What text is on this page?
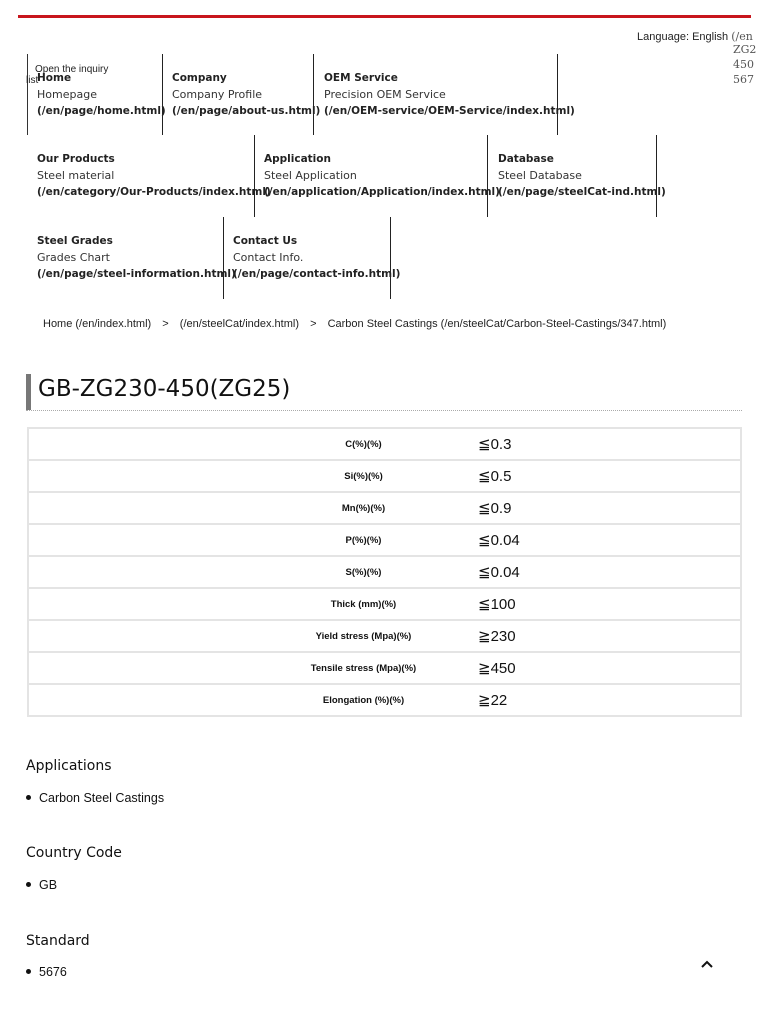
Language: English (/en
ZG2
450
567
Home
Homepage
(/en/page/home.html)
Open the inquiry
list	Company
Company Profile
(/en/page/about-us.html)
OEM Service
Precision OEM Service
(/en/OEM-service/OEM-Service/index.html)
Our Products
Steel material
(/en/category/Our-Products/index.html)
Application
Steel Application
(/en/application/Application/index.html)
Database
Steel Database
(/en/page/steelCat-ind.html)
Steel Grades
Grades Chart
(/en/page/steel-information.html)
Contact Us
Contact Info.
(/en/page/contact-info.html)
Home (/en/index.html) > (/en/steelCat/index.html) > Carbon Steel Castings (/en/steelCat/Carbon-Steel-Castings/347.html)
GB-ZG230-450(ZG25)
C(%)(%)	≦0.3
Si(%)(%)	≦0.5
Mn(%)(%)	≦0.9
P(%)(%)	≦0.04
S(%)(%)	≦0.04
Thick (mm)(%)	≦100
Yield stress (Mpa)(%)	≧230
Tensile stress (Mpa)(%)	≧450
Elongation (%)(%)	≧22
Applications
Carbon Steel Castings
Country Code
GB
Standard
5676
